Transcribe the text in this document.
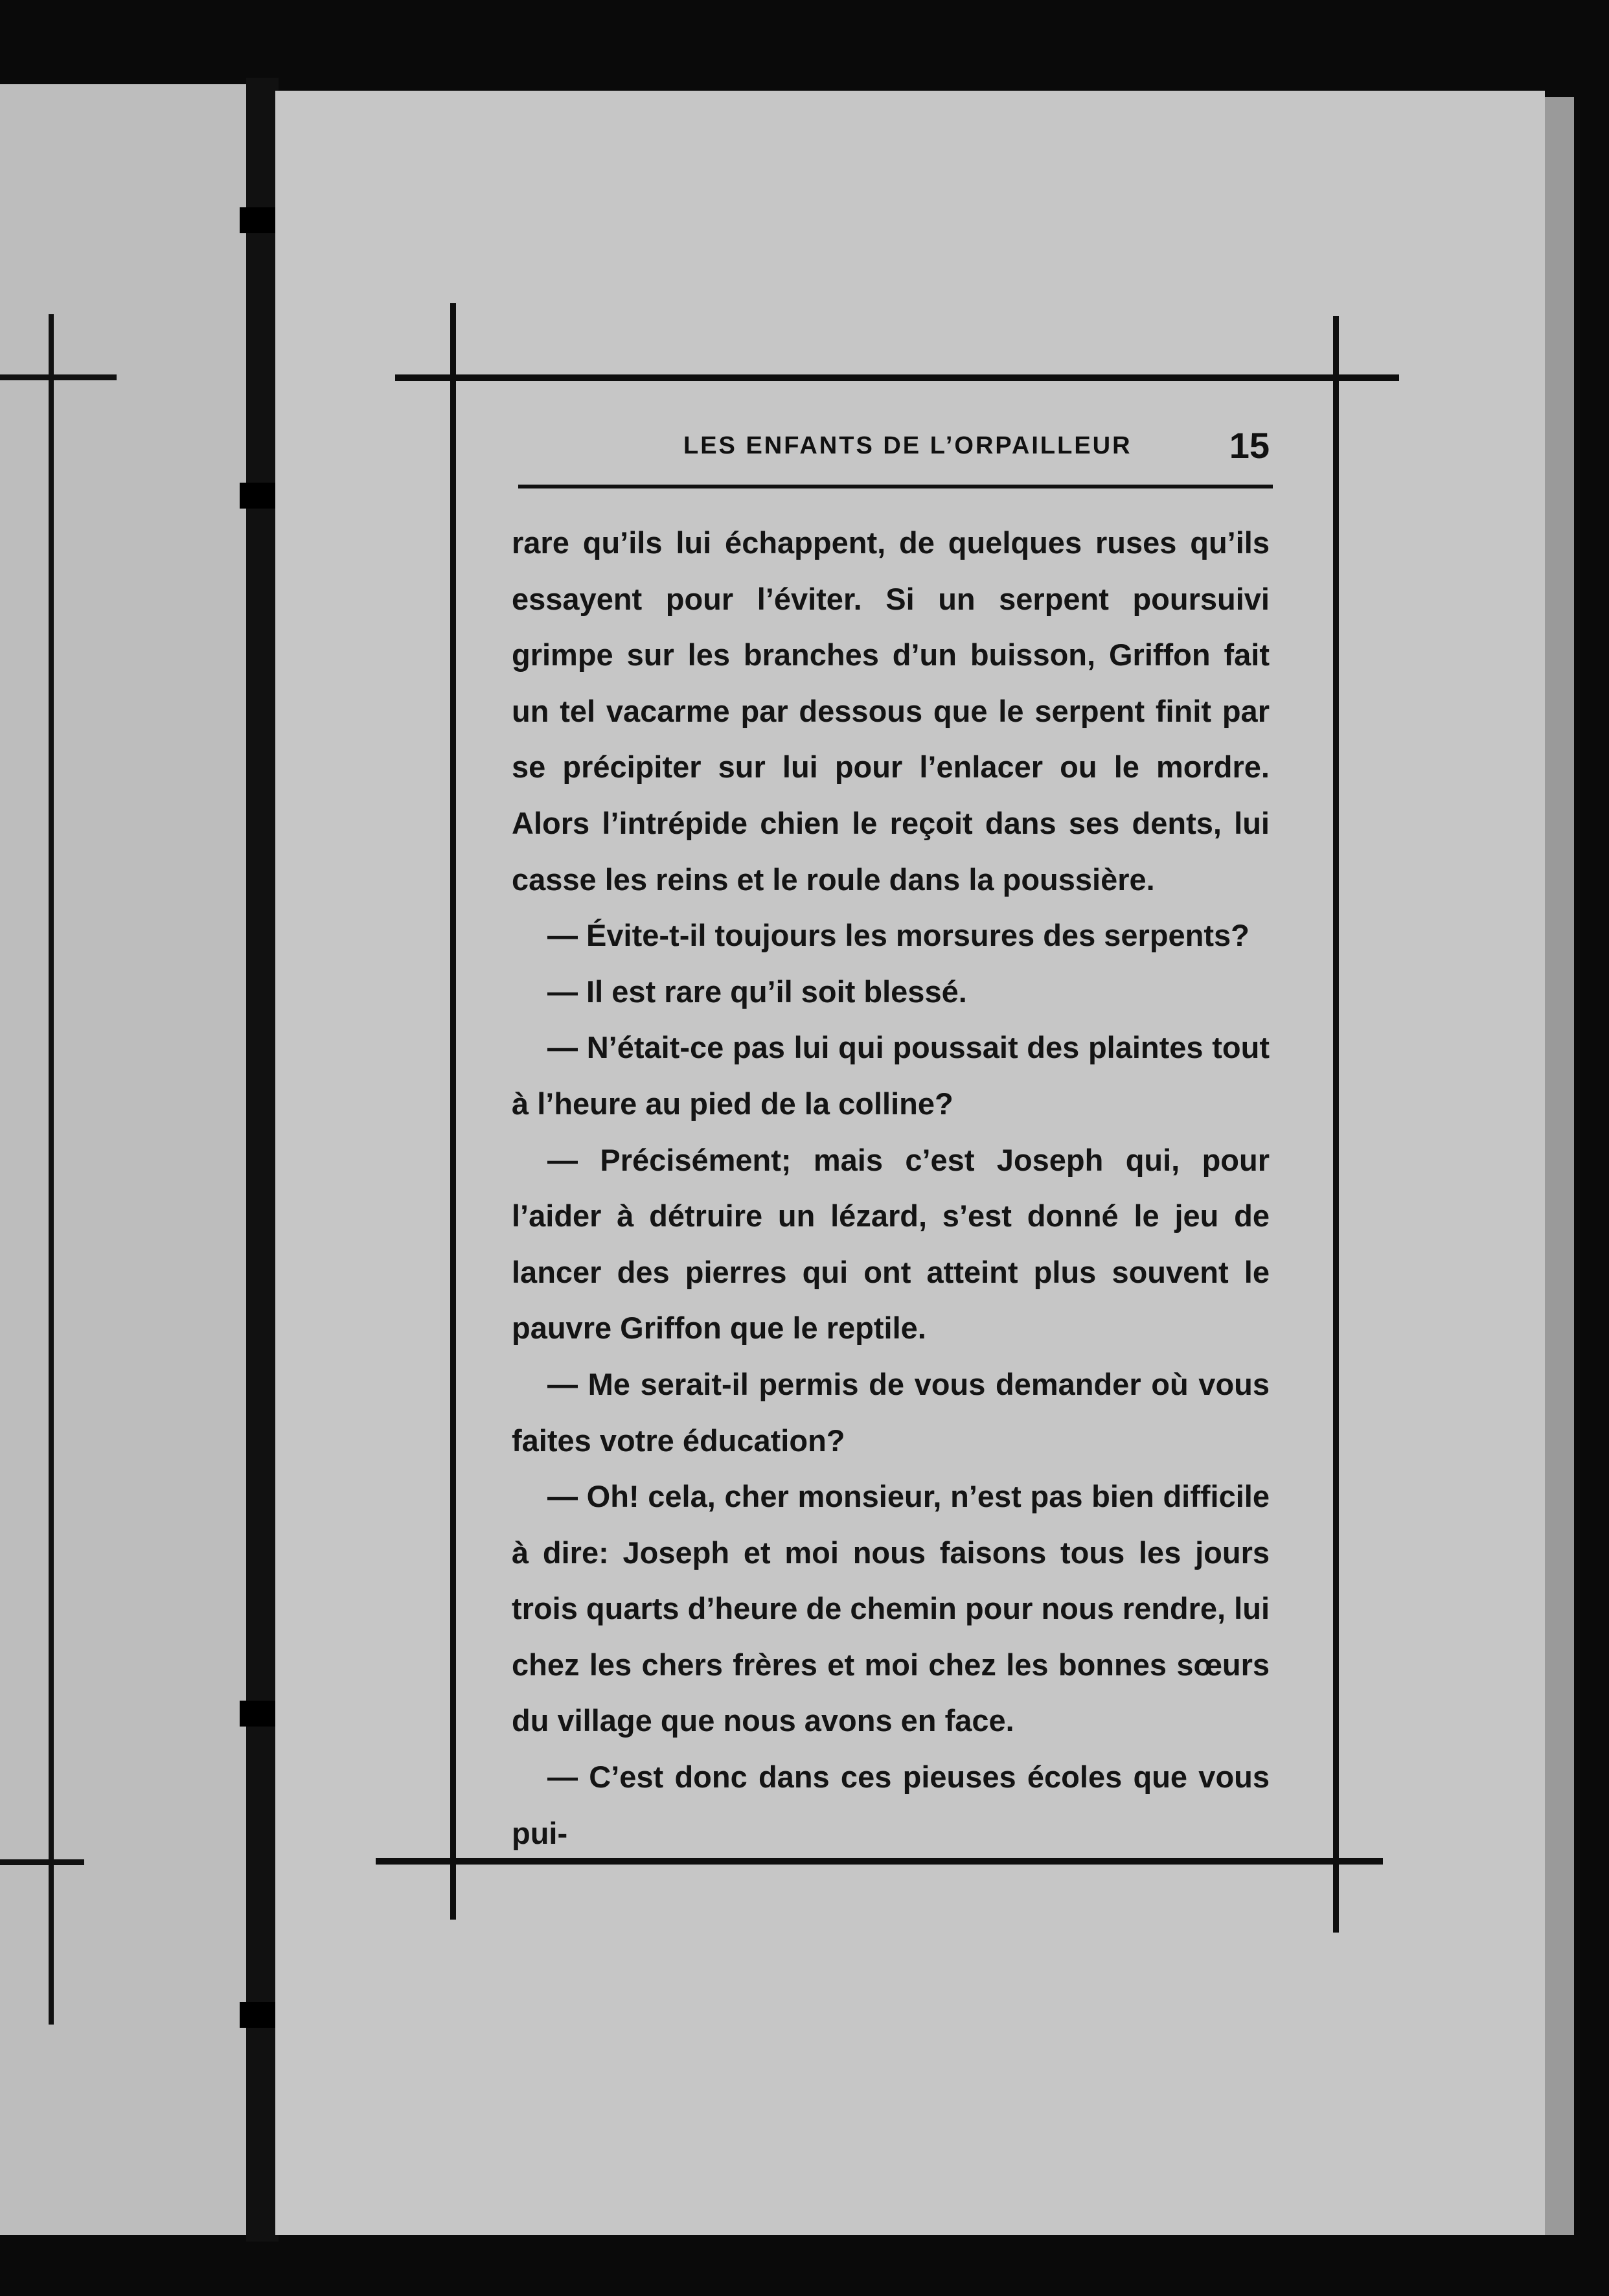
LES ENFANTS DE L’ORPAILLEUR	15

rare qu’ils lui échappent, de quelques ruses qu’ils essayent pour l’éviter. Si un serpent poursuivi grimpe sur les branches d’un buisson, Griffon fait un tel vacarme par dessous que le serpent finit par se précipiter sur lui pour l’enlacer ou le mordre. Alors l’intrépide chien le reçoit dans ses dents, lui casse les reins et le roule dans la poussière.

— Évite-t-il toujours les morsures des serpents?

— Il est rare qu’il soit blessé.

— N’était-ce pas lui qui poussait des plaintes tout à l’heure au pied de la colline?

— Précisément; mais c’est Joseph qui, pour l’aider à détruire un lézard, s’est donné le jeu de lancer des pierres qui ont atteint plus souvent le pauvre Griffon que le reptile.

— Me serait-il permis de vous demander où vous faites votre éducation?

— Oh! cela, cher monsieur, n’est pas bien difficile à dire: Joseph et moi nous faisons tous les jours trois quarts d’heure de chemin pour nous rendre, lui chez les chers frères et moi chez les bonnes sœurs du village que nous avons en face.

— C’est donc dans ces pieuses écoles que vous pui-
